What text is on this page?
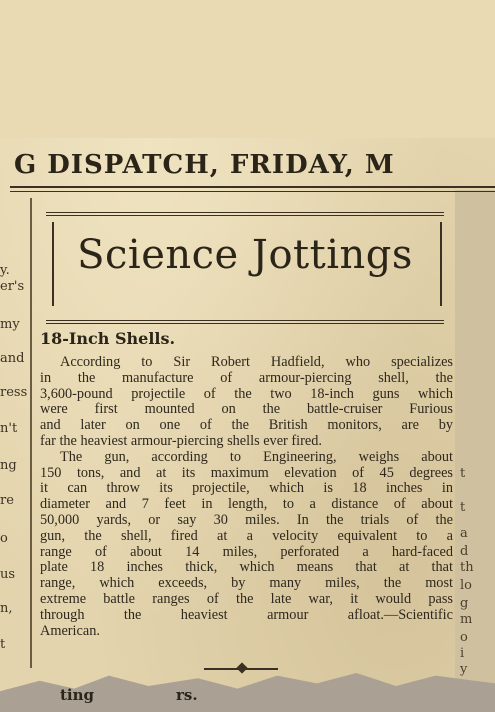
G DISPATCH, FRIDAY, M
y.
er's
my
and
ress
n't
ng
re
o
us
n,
t
t
t
a
d
th
lo
g
m
o
i
y
Science Jottings
18-Inch Shells.
According to Sir Robert Hadfield, who specializes
in the manufacture of armour-piercing shell, the
3,600-pound projectile of the two 18-inch guns which
were first mounted on the battle-cruiser Furious
and later on one of the British monitors, are by
far the heaviest armour-piercing shells ever fired.
The gun, according to Engineering, weighs about
150 tons, and at its maximum elevation of 45 degrees
it can throw its projectile, which is 18 inches in
diameter and 7 feet in length, to a distance of about
50,000 yards, or say 30 miles. In the trials of the
gun, the shell, fired at a velocity equivalent to a
range of about 14 miles, perforated a hard-faced
plate 18 inches thick, which means that at that
range, which exceeds, by many miles, the most
extreme battle ranges of the late war, it would pass
through the heaviest armour afloat.—Scientific
American.
ting	rs.
